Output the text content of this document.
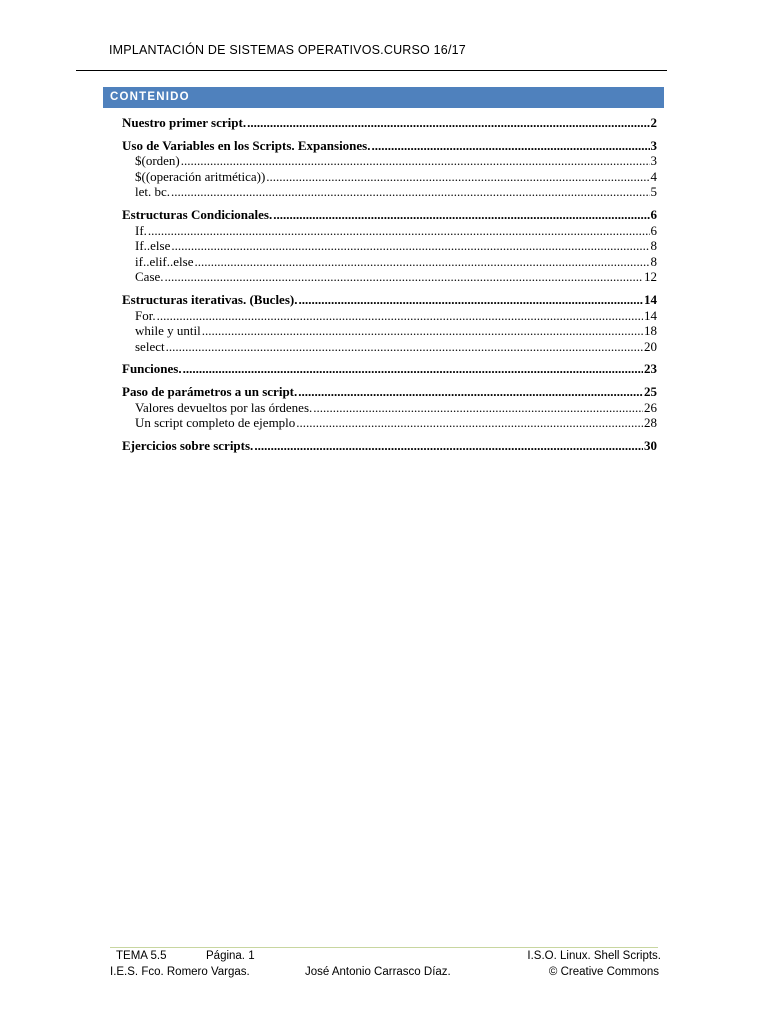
IMPLANTACIÓN DE SISTEMAS OPERATIVOS.CURSO 16/17
CONTENIDO
Nuestro primer script. .....	2
Uso de Variables en los Scripts. Expansiones. .....	3
$(orden) .....	3
$((operación aritmética)) .....	4
let. bc. .....	5
Estructuras Condicionales. .....	6
If. .....	6
If..else .....	8
if..elif..else .....	8
Case. .....	12
Estructuras iterativas. (Bucles). .....	14
For. .....	14
while y until .....	18
select .....	20
Funciones. .....	23
Paso de parámetros a un script. .....	25
Valores devueltos por las órdenes. .....	26
Un script completo de ejemplo .....	28
Ejercicios sobre scripts. .....	30
TEMA 5.5	Página. 1	I.S.O. Linux. Shell Scripts.
I.E.S. Fco. Romero Vargas.	José Antonio Carrasco Díaz.	© Creative Commons
